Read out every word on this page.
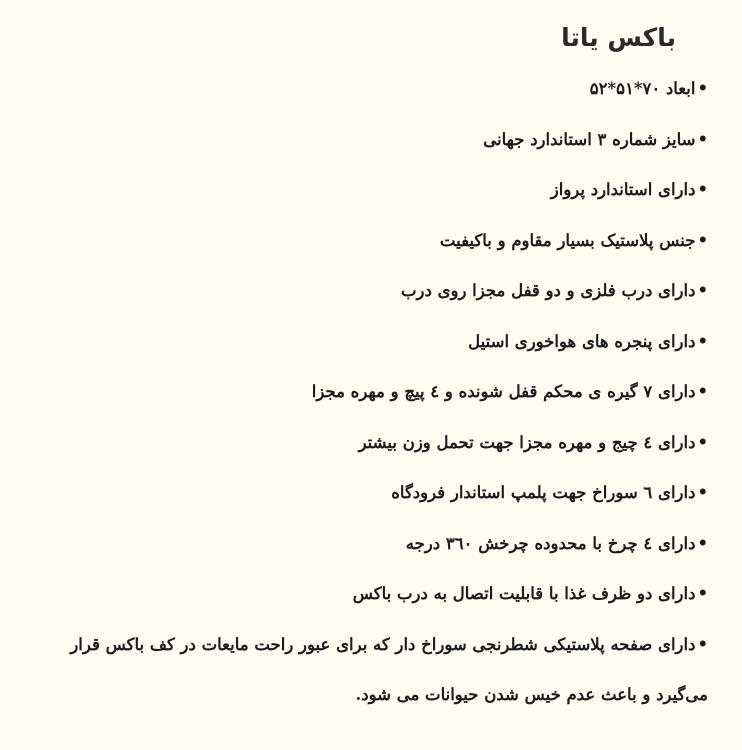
باکس یاتا
•ابعاد ۷۰*۵۱*۵۲
•سایز شماره ۳ استاندارد جهانی
•دارای استاندارد پرواز
•جنس پلاستیک بسیار مقاوم و باکیفیت
•دارای درب فلزی و دو قفل مجزا روی درب
•دارای پنجره های هواخوری استیل
•دارای ۷ گیره ی محکم قفل شونده و ٤ پیچ و مهره مجزا
•دارای ٤ چیج و مهره مجزا جهت تحمل وزن بیشتر
•دارای ٦ سوراخ جهت پلمپ استاندار فرودگاه
•دارای ٤ چرخ با محدوده چرخش ۳٦۰ درجه
•دارای دو ظرف غذا با قابلیت اتصال به درب باکس
•دارای صفحه پلاستیکی شطرنجی سوراخ دار که برای عبور راحت مایعات در کف باکس قرار می‌گیرد و باعث عدم خیس شدن حیوانات می شود.
